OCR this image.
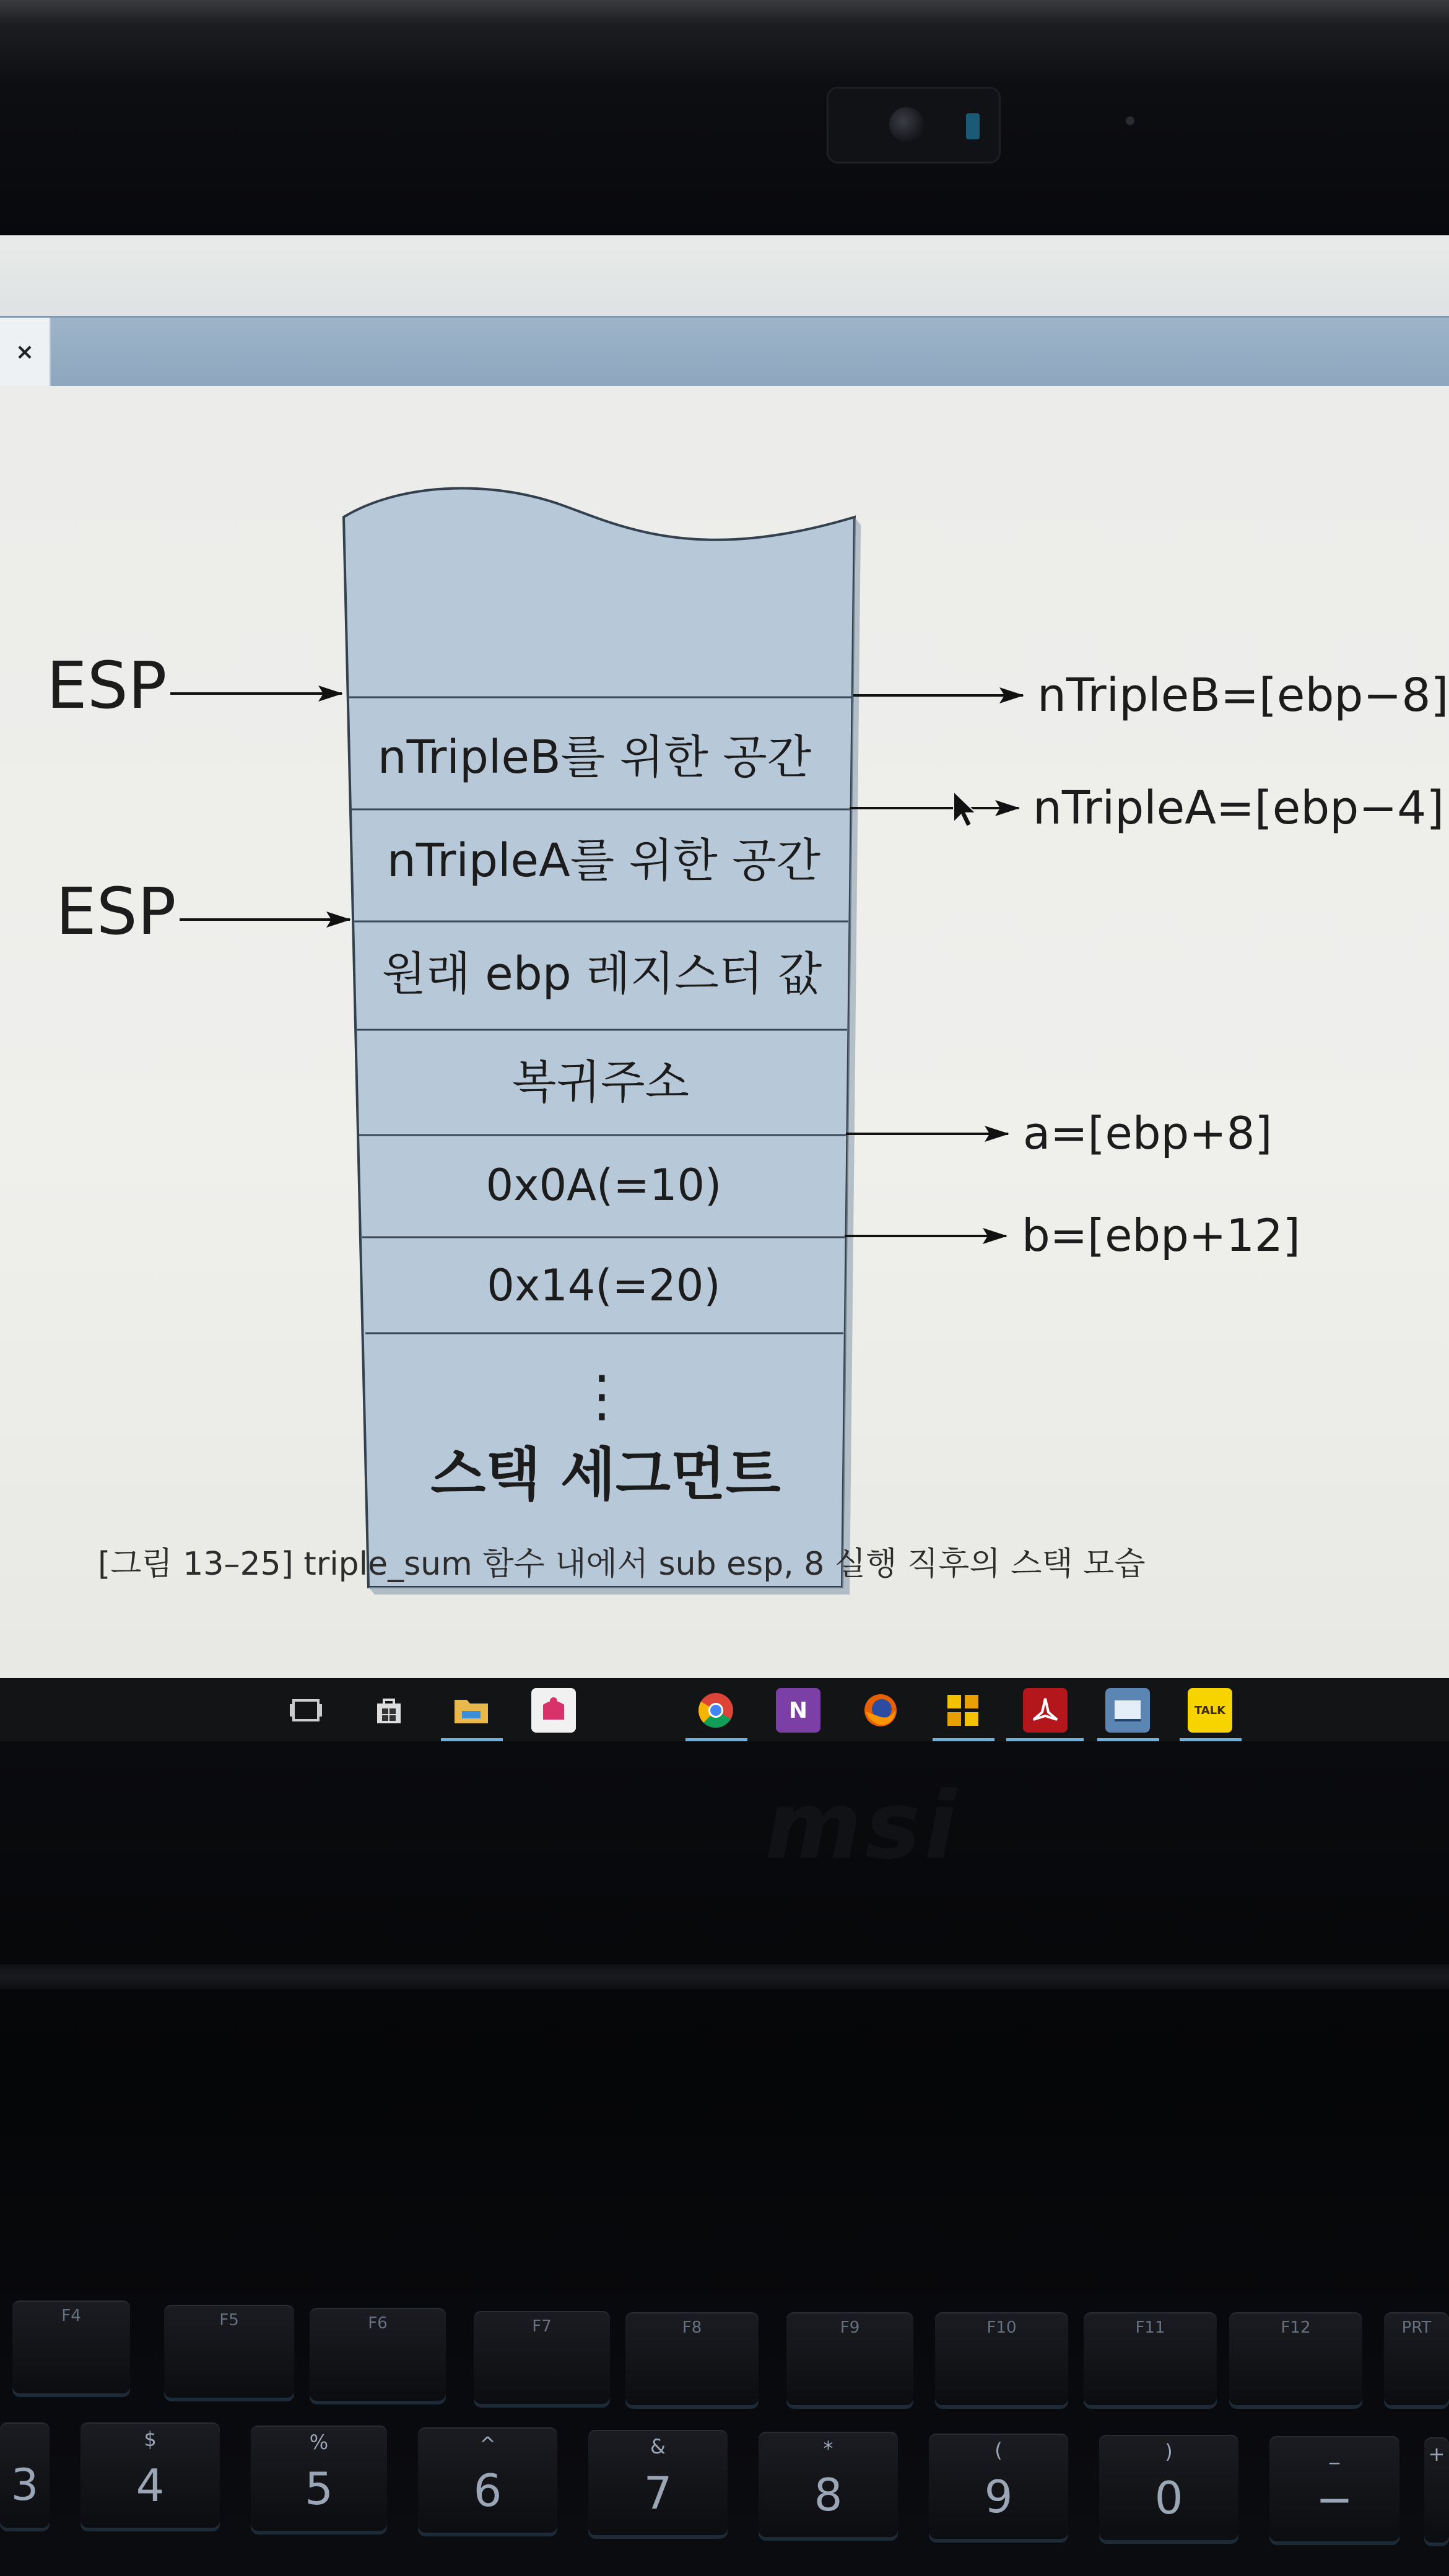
×
nTripleB를 위한 공간
nTripleA를 위한 공간
원래 ebp 레지스터 값
복귀주소
0x0A(=10)
0x14(=20)
⋮
스택 세그먼트
ESP
ESP
nTripleB=[ebp−8]
nTripleA=[ebp−4]
a=[ebp+8]
b=[ebp+12]
[그림 13–25] triple_sum 함수 내에서 sub esp, 8 실행 직후의 스택 모습
N	TALK
msi
F4	F5	F6	F7	F8	F9	F10	F11	F12	PRT
3
$
4
%
5
^
6
&
7
*
8
(
9
)
0
_
−
+
